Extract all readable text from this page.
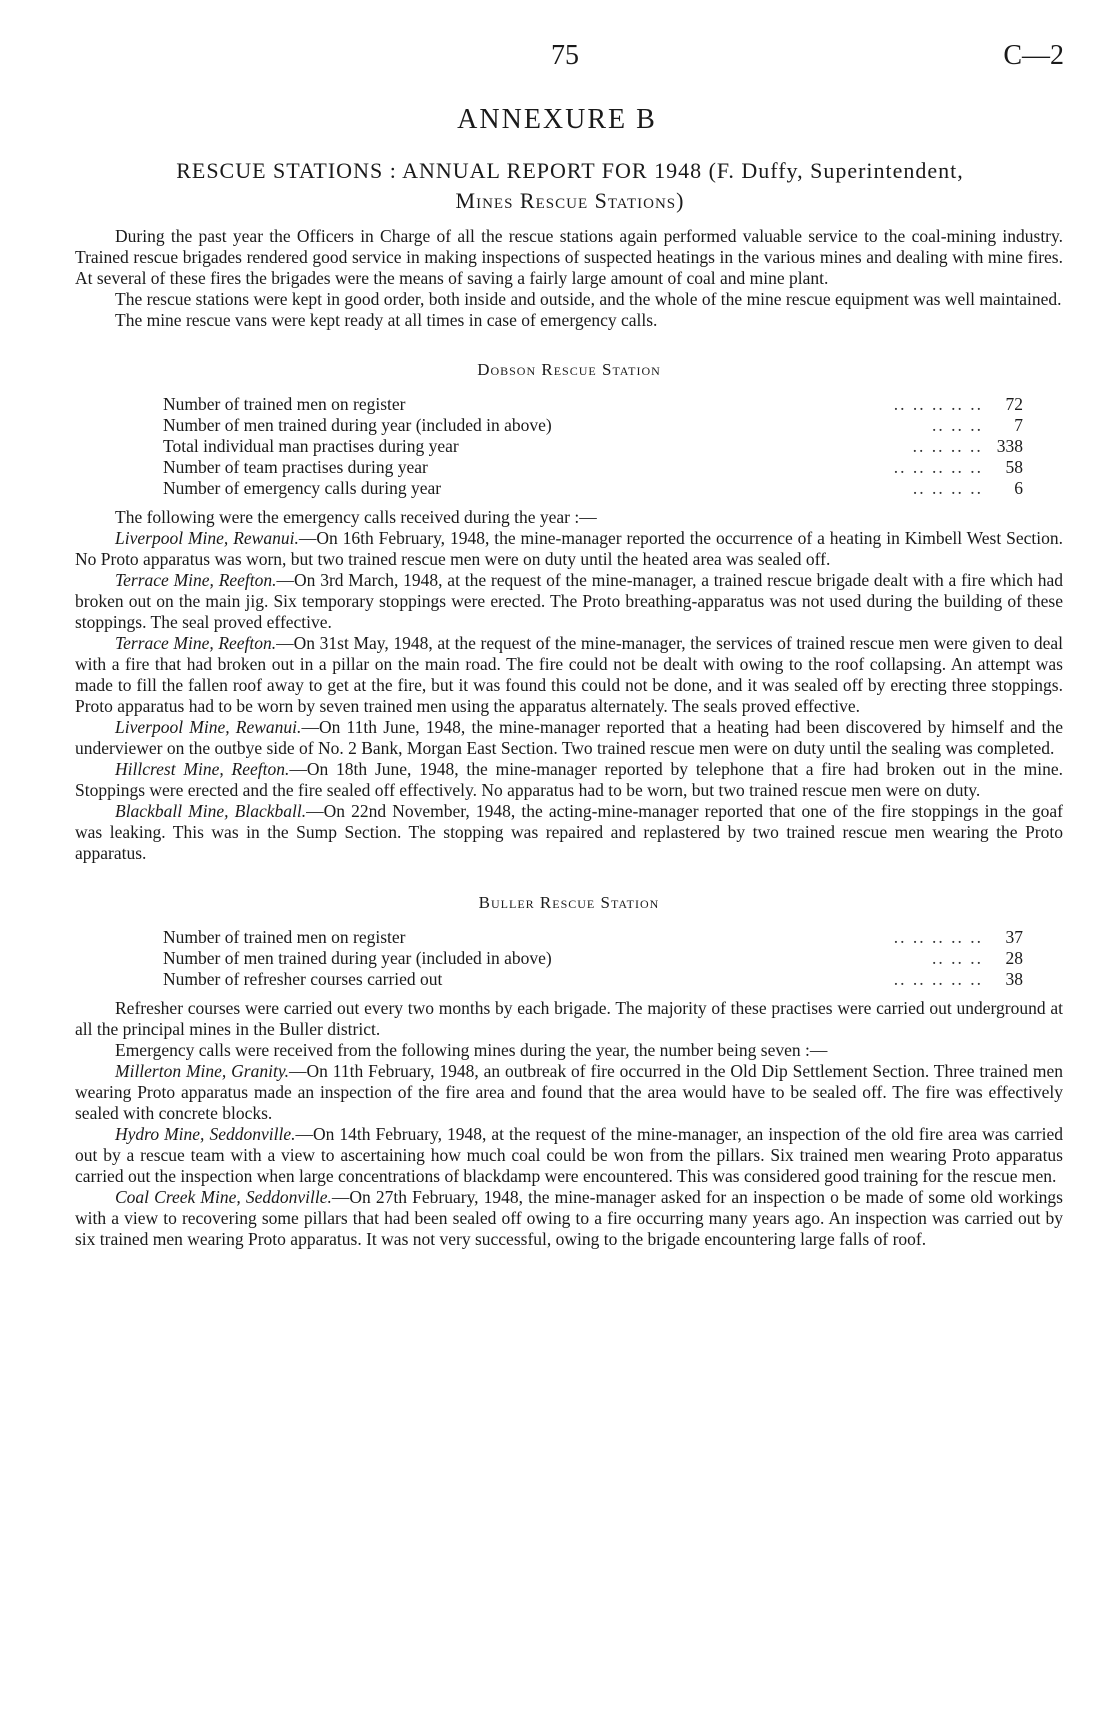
75	C—2
ANNEXURE B
RESCUE STATIONS : ANNUAL REPORT FOR 1948 (F. Duffy, Superintendent,
Mines Rescue Stations)

During the past year the Officers in Charge of all the rescue stations again performed valuable service to the coal-mining industry. Trained rescue brigades rendered good service in making inspections of suspected heatings in the various mines and dealing with mine fires. At several of these fires the brigades were the means of saving a fairly large amount of coal and mine plant.

The rescue stations were kept in good order, both inside and outside, and the whole of the mine rescue equipment was well maintained.

The mine rescue vans were kept ready at all times in case of emergency calls.

Dobson Rescue Station
Number of trained men on register	.. .. .. .. ..	72
Number of men trained during year (included in above)	.. .. ..	7
Total individual man practises during year	.. .. .. .. 338
Number of team practises during year	.. .. .. .. ..	58
Number of emergency calls during year	.. .. .. ..	6

The following were the emergency calls received during the year :—

Liverpool Mine, Rewanui.—On 16th February, 1948, the mine-manager reported the occurrence of a heating in Kimbell West Section. No Proto apparatus was worn, but two trained rescue men were on duty until the heated area was sealed off.

Terrace Mine, Reefton.—On 3rd March, 1948, at the request of the mine-manager, a trained rescue brigade dealt with a fire which had broken out on the main jig. Six temporary stoppings were erected. The Proto breathing-apparatus was not used during the building of these stoppings. The seal proved effective.

Terrace Mine, Reefton.—On 31st May, 1948, at the request of the mine-manager, the services of trained rescue men were given to deal with a fire that had broken out in a pillar on the main road. The fire could not be dealt with owing to the roof collapsing. An attempt was made to fill the fallen roof away to get at the fire, but it was found this could not be done, and it was sealed off by erecting three stoppings. Proto apparatus had to be worn by seven trained men using the apparatus alternately. The seals proved effective.

Liverpool Mine, Rewanui.—On 11th June, 1948, the mine-manager reported that a heating had been discovered by himself and the underviewer on the outbye side of No. 2 Bank, Morgan East Section. Two trained rescue men were on duty until the sealing was completed.

Hillcrest Mine, Reefton.—On 18th June, 1948, the mine-manager reported by telephone that a fire had broken out in the mine. Stoppings were erected and the fire sealed off effectively. No apparatus had to be worn, but two trained rescue men were on duty.

Blackball Mine, Blackball.—On 22nd November, 1948, the acting-mine-manager reported that one of the fire stoppings in the goaf was leaking. This was in the Sump Section. The stopping was repaired and replastered by two trained rescue men wearing the Proto apparatus.

Buller Rescue Station
Number of trained men on register	.. .. .. .. ..	37
Number of men trained during year (included in above)	.. .. ..	28
Number of refresher courses carried out	.. .. .. .. ..	38

Refresher courses were carried out every two months by each brigade. The majority of these practises were carried out underground at all the principal mines in the Buller district.

Emergency calls were received from the following mines during the year, the number being seven :—

Millerton Mine, Granity.—On 11th February, 1948, an outbreak of fire occurred in the Old Dip Settlement Section. Three trained men wearing Proto apparatus made an inspection of the fire area and found that the area would have to be sealed off. The fire was effectively sealed with concrete blocks.

Hydro Mine, Seddonville.—On 14th February, 1948, at the request of the mine-manager, an inspection of the old fire area was carried out by a rescue team with a view to ascertaining how much coal could be won from the pillars. Six trained men wearing Proto apparatus carried out the inspection when large concentrations of blackdamp were encountered. This was considered good training for the rescue men.

Coal Creek Mine, Seddonville.—On 27th February, 1948, the mine-manager asked for an inspection o be made of some old workings with a view to recovering some pillars that had been sealed off owing to a fire occurring many years ago. An inspection was carried out by six trained men wearing Proto apparatus. It was not very successful, owing to the brigade encountering large falls of roof.
